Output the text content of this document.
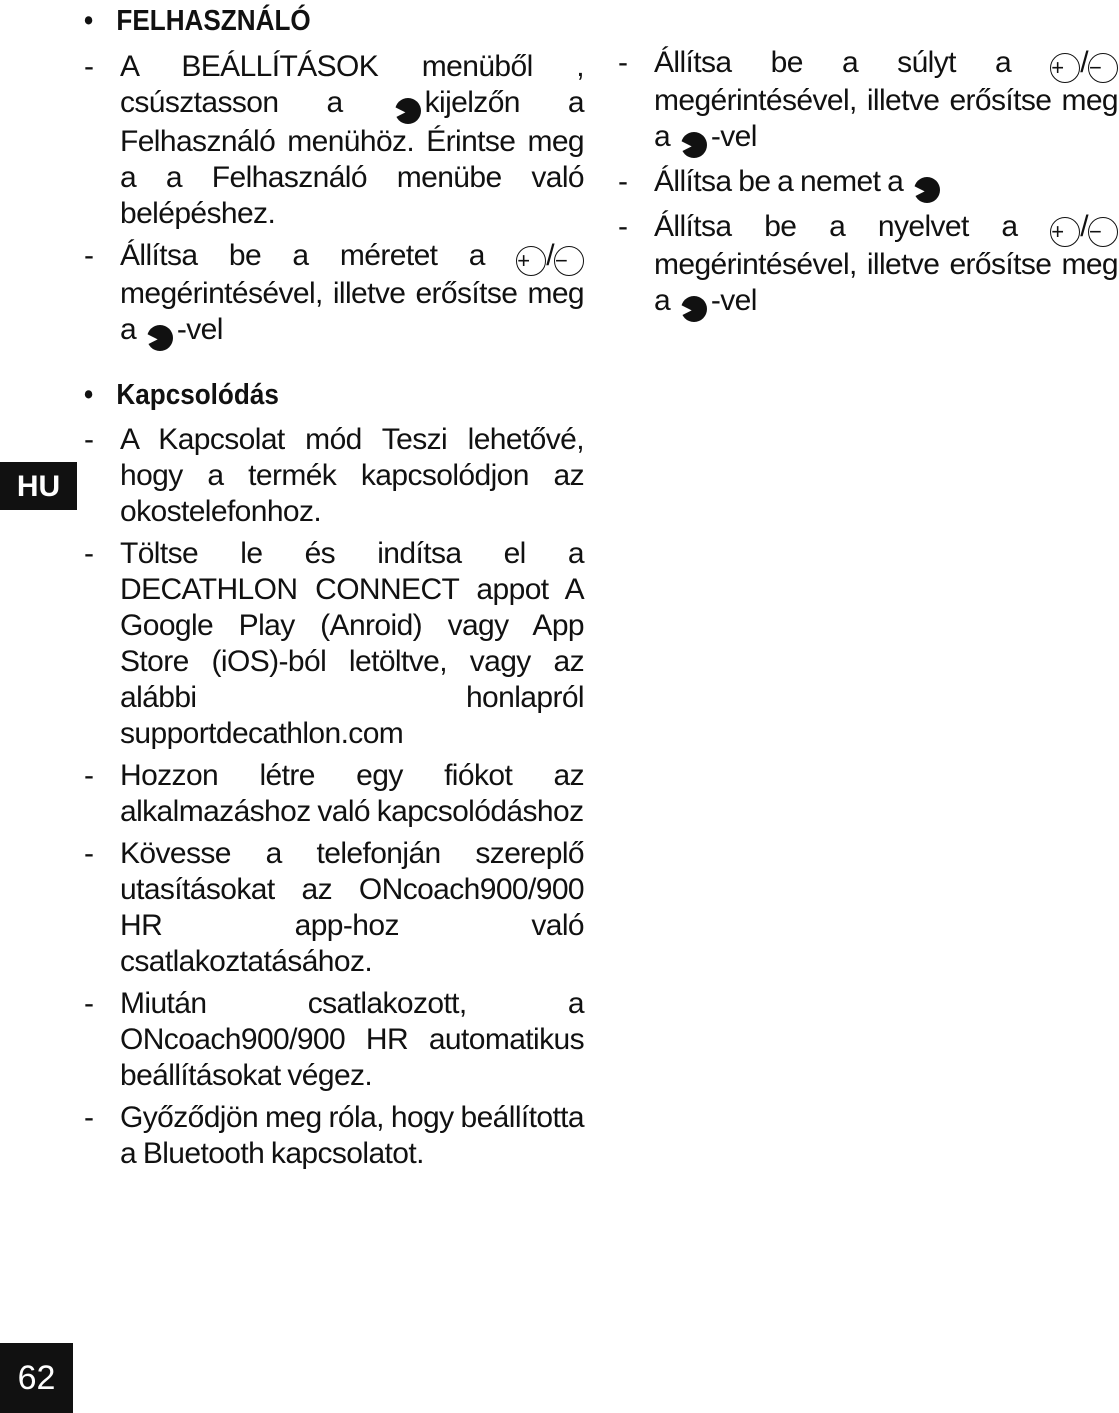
HU
62
• FELHASZNÁLÓ
- A BEÁLLÍTÁSOK menüből , csúsztasson a	▶ kijelzőn a Felhasználó menühöz. Érintse meg a a Felhasználó menübe való belépéshez.
- Állítsa be a méretet a + /− megérintésével, illetve erősítse meg a ▶ -vel
• Kapcsolódás
- A Kapcsolat mód Teszi lehetővé, hogy a termék kapcsolódjon az okostelefonhoz.
- Töltse le és indítsa el a DECATHLON CONNECT appot A Google Play (Anroid) vagy App Store (iOS)-ból letöltve, vagy az alábbi honlapról supportdecathlon.com
- Hozzon létre egy fiókot az alkalmazáshoz való kapcsolódáshoz
- Kövesse a telefonján szereplő utasításokat az ONcoach900/900 HR app-hoz való csatlakoztatásához.
- Miután csatlakozott, a ONcoach900/900 HR automatikus beállításokat végez.
- Győződjön meg róla, hogy beállította a Bluetooth kapcsolatot.
- Állítsa be a súlyt a + /− megérintésével, illetve erősítse meg a ▶ -vel
- Állítsa be a nemet a ▶
- Állítsa be a nyelvet a + /− megérintésével, illetve erősítse meg a ▶ -vel
